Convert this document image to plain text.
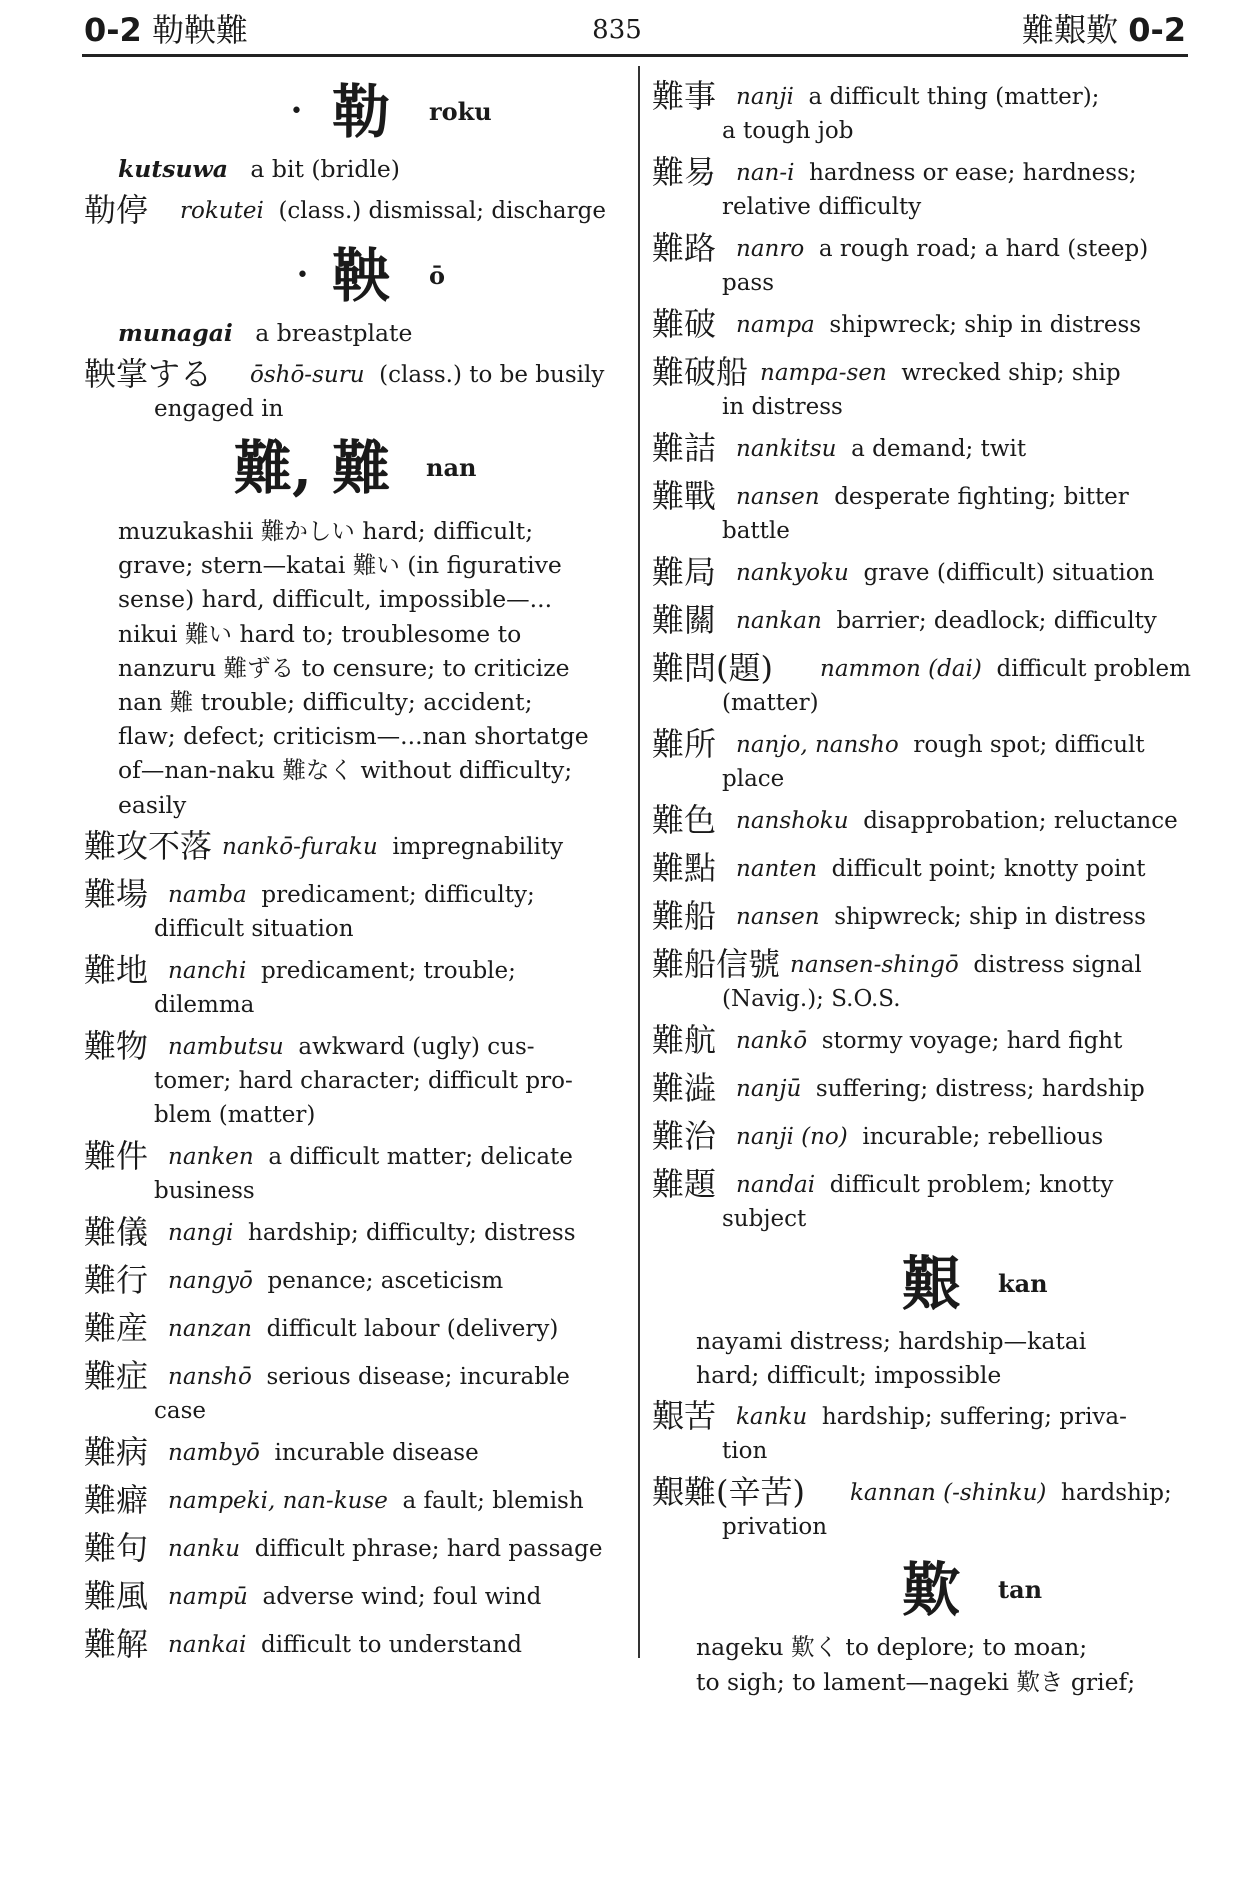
0-2 勒鞅難	835	難艱歎 0-2
• 勒 roku
kutsuwa a bit (bridle)
勒停 rokutei (class.) dismissal; discharge
• 鞅 ō
munagai a breastplate
鞅掌する ōshō-suru (class.) to be busily
engaged in
難, 難 nan
muzukashii 難かしい hard; difficult;
grave; stern—katai 難い (in figurative
sense) hard, difficult, impossible—...
nikui 難い hard to; troublesome to
nanzuru 難ずる to censure; to criticize
nan 難 trouble; difficulty; accident;
flaw; defect; criticism—...nan shortatge
of—nan-naku 難なく without difficulty;
easily
難攻不落 nankō-furaku impregnability
難場 namba predicament; difficulty;
difficult situation
難地 nanchi predicament; trouble;
dilemma
難物 nambutsu awkward (ugly) cus-
tomer; hard character; difficult pro-
blem (matter)
難件 nanken a difficult matter; delicate
business
難儀 nangi hardship; difficulty; distress
難行 nangyō penance; asceticism
難産 nanzan difficult labour (delivery)
難症 nanshō serious disease; incurable
case
難病 nambyō incurable disease
難癖 nampeki, nan-kuse a fault; blemish
難句 nanku difficult phrase; hard passage
難風 nampū adverse wind; foul wind
難解 nankai difficult to understand
難事 nanji a difficult thing (matter);
a tough job
難易 nan-i hardness or ease; hardness;
relative difficulty
難路 nanro a rough road; a hard (steep)
pass
難破 nampa shipwreck; ship in distress
難破船 nampa-sen wrecked ship; ship
in distress
難詰 nankitsu a demand; twit
難戰 nansen desperate fighting; bitter
battle
難局 nankyoku grave (difficult) situation
難關 nankan barrier; deadlock; difficulty
難問(題) nammon (dai) difficult problem
(matter)
難所 nanjo, nansho rough spot; difficult
place
難色 nanshoku disapprobation; reluctance
難點 nanten difficult point; knotty point
難船 nansen shipwreck; ship in distress
難船信號 nansen-shingō distress signal
(Navig.); S.O.S.
難航 nankō stormy voyage; hard fight
難澁 nanjū suffering; distress; hardship
難治 nanji (no) incurable; rebellious
難題 nandai difficult problem; knotty
subject
艱 kan
nayami distress; hardship—katai
hard; difficult; impossible
艱苦 kanku hardship; suffering; priva-
tion
艱難(辛苦) kannan (-shinku) hardship;
privation
歎 tan
nageku 歎く to deplore; to moan;
to sigh; to lament—nageki 歎き grief;
